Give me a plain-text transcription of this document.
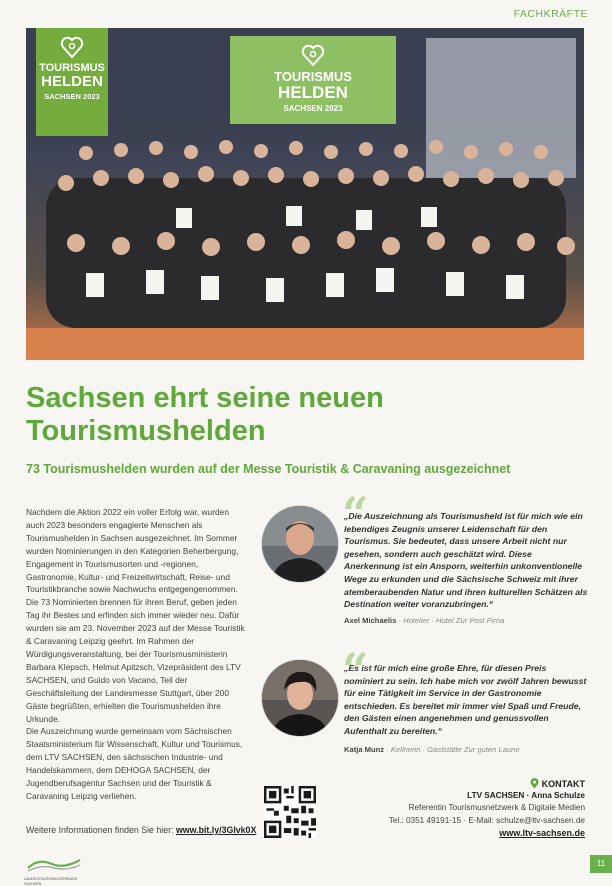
FACHKRÄFTE
TOURISMUS
HELDEN
SACHSEN 2023
TOURISMUS
HELDEN
SACHSEN 2023
Sachsen ehrt seine neuen Tourismushelden
73 Tourismushelden wurden auf der Messe Touristik & Caravaning ausgezeichnet

Nachdem die Aktion 2022 ein voller Erfolg war, wurden auch 2023 besonders engagierte Menschen als Tourismushelden in Sachsen ausgezeichnet. Im Sommer wurden Nominierungen in den Kategorien Beherbergung, Engagement in Tourismusorten und -regionen, Gastronomie, Kultur- und Freizeitwirtschaft, Reise- und Touristikbranche sowie Nachwuchs entgegengenommen. Die 73 Nominierten brennen für ihren Beruf, geben jeden Tag ihr Bestes und erfinden sich immer wieder neu. Dafür wurden sie am 23. November 2023 auf der Messe Touristik & Caravaning Leipzig geehrt. Im Rahmen der Würdigungsveranstaltung, bei der Tourismusministerin Barbara Klepsch, Helmut Apitzsch, Vizepräsident des LTV SACHSEN, und Guido von Vacano, Teil der Geschäftsleitung der Landesmesse Stuttgart, über 200 Gäste begrüßten, erhielten die Tourismushelden ihre Urkunde.

Die Auszeichnung wurde gemeinsam vom Sächsischen Staatsministerium für Wissenschaft, Kultur und Tourismus, dem LTV SACHSEN, den sächsischen Industrie- und Handelskammern, dem DEHOGA SACHSEN, der Jugendberufsagentur Sachsen und der Touristik & Caravaning Leipzig verliehen.

“
„Die Auszeichnung als Tourismusheld ist für mich wie ein lebendiges Zeugnis unserer Leidenschaft für den Tourismus. Sie bedeutet, dass unsere Arbeit nicht nur gesehen, sondern auch geschätzt wird. Diese Anerkennung ist ein Ansporn, weiterhin unkonventionelle Wege zu erkunden und die Sächsische Schweiz mit ihrer atemberaubenden Natur und ihren kulturellen Schätzen als Destination weiter voranzubringen.“
Axel Michaelis · Hotelier · Hotel Zur Post Pirna
“
„Es ist für mich eine große Ehre, für diesen Preis nominiert zu sein. Ich habe mich vor zwölf Jahren bewusst für eine Tätigkeit im Service in der Gastronomie entschieden. Es bereitet mir immer viel Spaß und Freude, den Gästen einen angenehmen und genussvollen Aufenthalt zu bereiten.“
Katja Munz · Kellnerin · Gaststätte Zur guten Laune
Weitere Informationen finden Sie hier: www.bit.ly/3GIvk0X
KONTAKT
LTV SACHSEN · Anna Schulze
Referentin Tourismusnetzwerk & Digitale Medien
Tel.: 0351 49191-15 · E-Mail: schulze@ltv-sachsen.de
www.ltv-sachsen.de
LANDESTOURISMUSVERBAND SACHSEN
11
